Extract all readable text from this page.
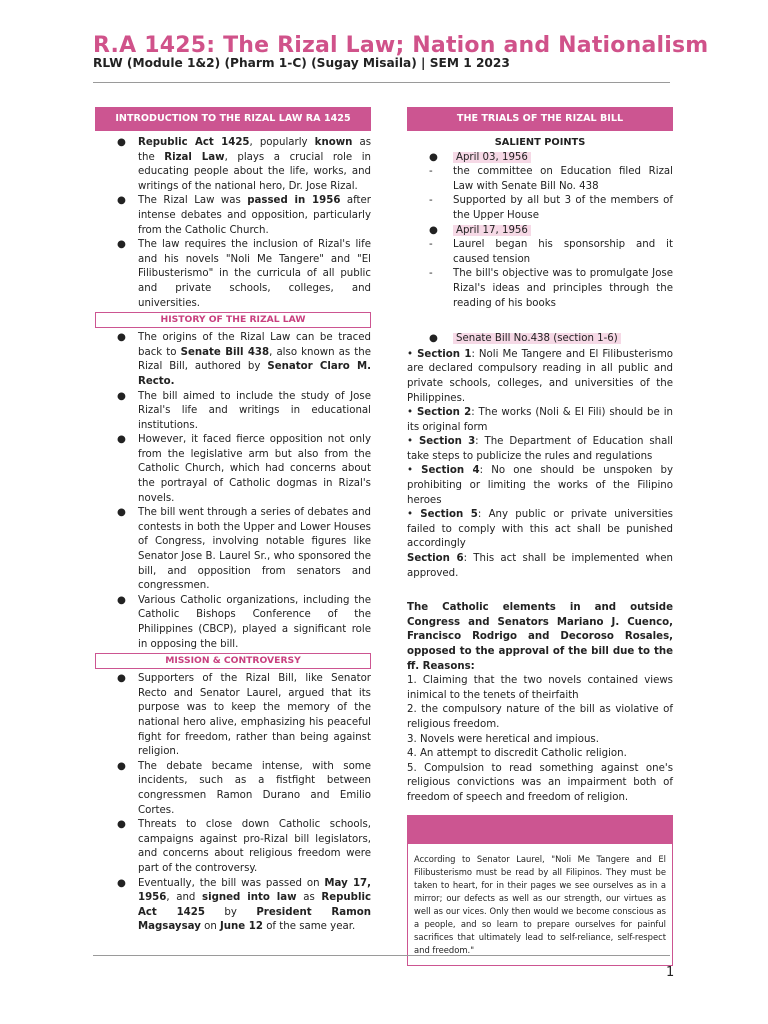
R.A 1425: The Rizal Law; Nation and Nationalism
RLW (Module 1&2) (Pharm 1-C) (Sugay Misaila) | SEM 1 2023
INTRODUCTION TO THE RIZAL LAW RA 1425
● Republic Act 1425, popularly known as the Rizal Law, plays a crucial role in educating people about the life, works, and writings of the national hero, Dr. Jose Rizal.
● The Rizal Law was passed in 1956 after intense debates and opposition, particularly from the Catholic Church.
● The law requires the inclusion of Rizal's life and his novels "Noli Me Tangere" and "El Filibusterismo" in the curricula of all public and private schools, colleges, and universities.
HISTORY OF THE RIZAL LAW
● The origins of the Rizal Law can be traced back to Senate Bill 438, also known as the Rizal Bill, authored by Senator Claro M. Recto.
● The bill aimed to include the study of Jose Rizal's life and writings in educational institutions.
● However, it faced fierce opposition not only from the legislative arm but also from the Catholic Church, which had concerns about the portrayal of Catholic dogmas in Rizal's novels.
● The bill went through a series of debates and contests in both the Upper and Lower Houses of Congress, involving notable figures like Senator Jose B. Laurel Sr., who sponsored the bill, and opposition from senators and congressmen.
● Various Catholic organizations, including the Catholic Bishops Conference of the Philippines (CBCP), played a significant role in opposing the bill.
MISSION & CONTROVERSY
● Supporters of the Rizal Bill, like Senator Recto and Senator Laurel, argued that its purpose was to keep the memory of the national hero alive, emphasizing his peaceful fight for freedom, rather than being against religion.
● The debate became intense, with some incidents, such as a fistfight between congressmen Ramon Durano and Emilio Cortes.
● Threats to close down Catholic schools, campaigns against pro-Rizal bill legislators, and concerns about religious freedom were part of the controversy.
● Eventually, the bill was passed on May 17, 1956, and signed into law as Republic Act 1425 by President Ramon Magsaysay on June 12 of the same year.
THE TRIALS OF THE RIZAL BILL
SALIENT POINTS
● April 03, 1956
- the committee on Education filed Rizal Law with Senate Bill No. 438
- Supported by all but 3 of the members of the Upper House
● April 17, 1956
- Laurel began his sponsorship and it caused tension
- The bill's objective was to promulgate Jose Rizal's ideas and principles through the reading of his books
● Senate Bill No.438 (section 1-6)
• Section 1: Noli Me Tangere and El Filibusterismo are declared compulsory reading in all public and private schools, colleges, and universities of the Philippines.
• Section 2: The works (Noli & El Fili) should be in its original form
• Section 3: The Department of Education shall take steps to publicize the rules and regulations
• Section 4: No one should be unspoken by prohibiting or limiting the works of the Filipino heroes
• Section 5: Any public or private universities failed to comply with this act shall be punished accordingly
Section 6: This act shall be implemented when approved.
The Catholic elements in and outside Congress and Senators Mariano J. Cuenco, Francisco Rodrigo and Decoroso Rosales, opposed to the approval of the bill due to the ff. Reasons:
1. Claiming that the two novels contained views inimical to the tenets of theirfaith
2. the compulsory nature of the bill as violative of religious freedom.
3. Novels were heretical and impious.
4. An attempt to discredit Catholic religion.
5. Compulsion to read something against one's religious convictions was an impairment both of freedom of speech and freedom of religion.
According to Senator Laurel, "Noli Me Tangere and El Filibusterismo must be read by all Filipinos. They must be taken to heart, for in their pages we see ourselves as in a mirror; our defects as well as our strength, our virtues as well as our vices. Only then would we become conscious as a people, and so learn to prepare ourselves for painful sacrifices that ultimately lead to self-reliance, self-respect and freedom."
1
